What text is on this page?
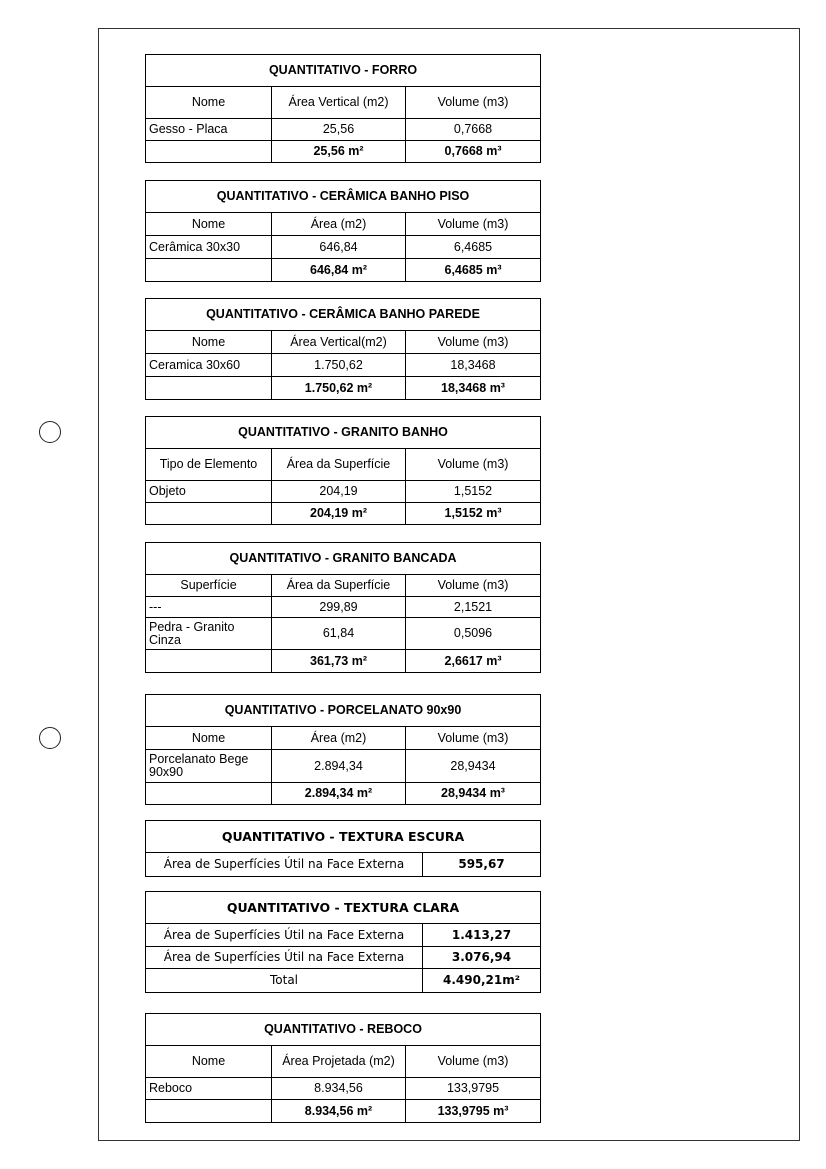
QUANTITATIVO - FORRO		
Nome	Área Vertical (m2)	Volume (m3)
Gesso - Placa	25,56	0,7668
	25,56 m²	0,7668 m³
QUANTITATIVO - CERÂMICA BANHO PISO		
Nome	Área (m2)	Volume (m3)
Cerâmica 30x30	646,84	6,4685
	646,84 m²	6,4685 m³
QUANTITATIVO - CERÂMICA BANHO PAREDE		
Nome	Área Vertical(m2)	Volume (m3)
Ceramica 30x60	1.750,62	18,3468
	1.750,62 m²	18,3468 m³
QUANTITATIVO - GRANITO BANHO		
Tipo de Elemento	Área da Superfície	Volume (m3)
Objeto	204,19	1,5152
	204,19 m²	1,5152 m³
QUANTITATIVO - GRANITO BANCADA		
Superfície	Área da Superfície	Volume (m3)
---	299,89	2,1521
Pedra - Granito Cinza	61,84	0,5096
	361,73 m²	2,6617 m³
QUANTITATIVO - PORCELANATO 90x90		
Nome	Área (m2)	Volume (m3)
Porcelanato Bege 90x90	2.894,34	28,9434
	2.894,34 m²	28,9434 m³
QUANTITATIVO - TEXTURA ESCURA
Área de Superfícies Útil na Face Externa	595,67
QUANTITATIVO - TEXTURA CLARA	
Área de Superfícies Útil na Face Externa	1.413,27
Área de Superfícies Útil na Face Externa	3.076,94
Total	4.490,21m²
QUANTITATIVO - REBOCO		
Nome	Área Projetada (m2)	Volume (m3)
Reboco	8.934,56	133,9795
	8.934,56 m²	133,9795 m³
